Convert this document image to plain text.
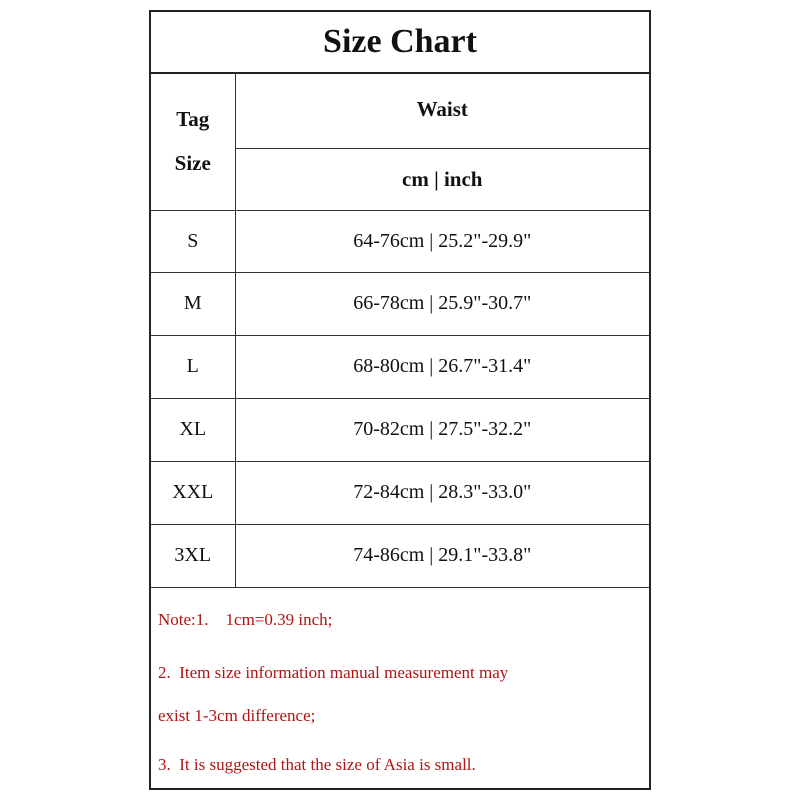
Size Chart
Tag
Size	Waist
	cm | inch
S	64-76cm | 25.2"-29.9"
M	66-78cm | 25.9"-30.7"
L	68-80cm | 26.7"-31.4"
XL	70-82cm | 27.5"-32.2"
XXL	72-84cm | 28.3"-33.0"
3XL	74-86cm | 29.1"-33.8"
Note:1.    1cm=0.39 inch;
2.  Item size information manual measurement may
exist 1-3cm difference;
3.  It is suggested that the size of Asia is small.
